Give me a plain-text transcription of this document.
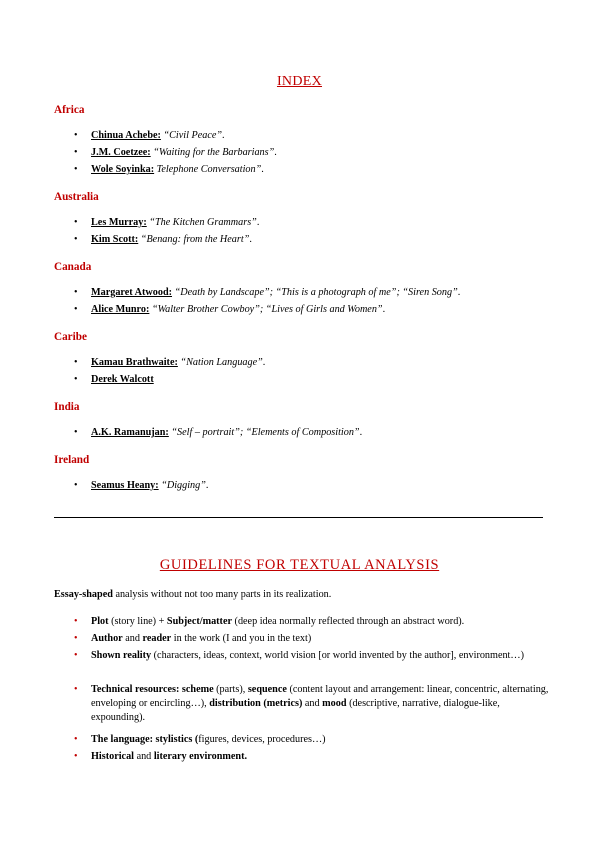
INDEX
Africa
• Chinua Achebe: “Civil Peace”.
• J.M. Coetzee: “Waiting for the Barbarians”.
• Wole Soyinka: Telephone Conversation”.
Australia
• Les Murray: “The Kitchen Grammars”.
• Kim Scott: “Benang: from the Heart”.
Canada
• Margaret Atwood: “Death by Landscape”; “This is a photograph of me”; “Siren Song”.
• Alice Munro: “Walter Brother Cowboy”; “Lives of Girls and Women”.
Caribe
• Kamau Brathwaite: “Nation Language”.
• Derek Walcott
India
• A.K. Ramanujan: “Self – portrait”; “Elements of Composition”.
Ireland
• Seamus Heany: “Digging”.
GUIDELINES FOR TEXTUAL ANALYSIS
Essay-shaped analysis without not too many parts in its realization.
• Plot (story line) + Subject/matter (deep idea normally reflected through an abstract word).
• Author and reader in the work (I and you in the text)
• Shown reality (characters, ideas, context, world vision [or world invented by the author], environment…)
• Technical resources: scheme (parts), sequence (content layout and arrangement: linear, concentric, alternating, enveloping or encircling…), distribution (metrics) and mood (descriptive, narrative, dialogue-like, expounding).
• The language: stylistics (figures, devices, procedures…)
• Historical and literary environment.
